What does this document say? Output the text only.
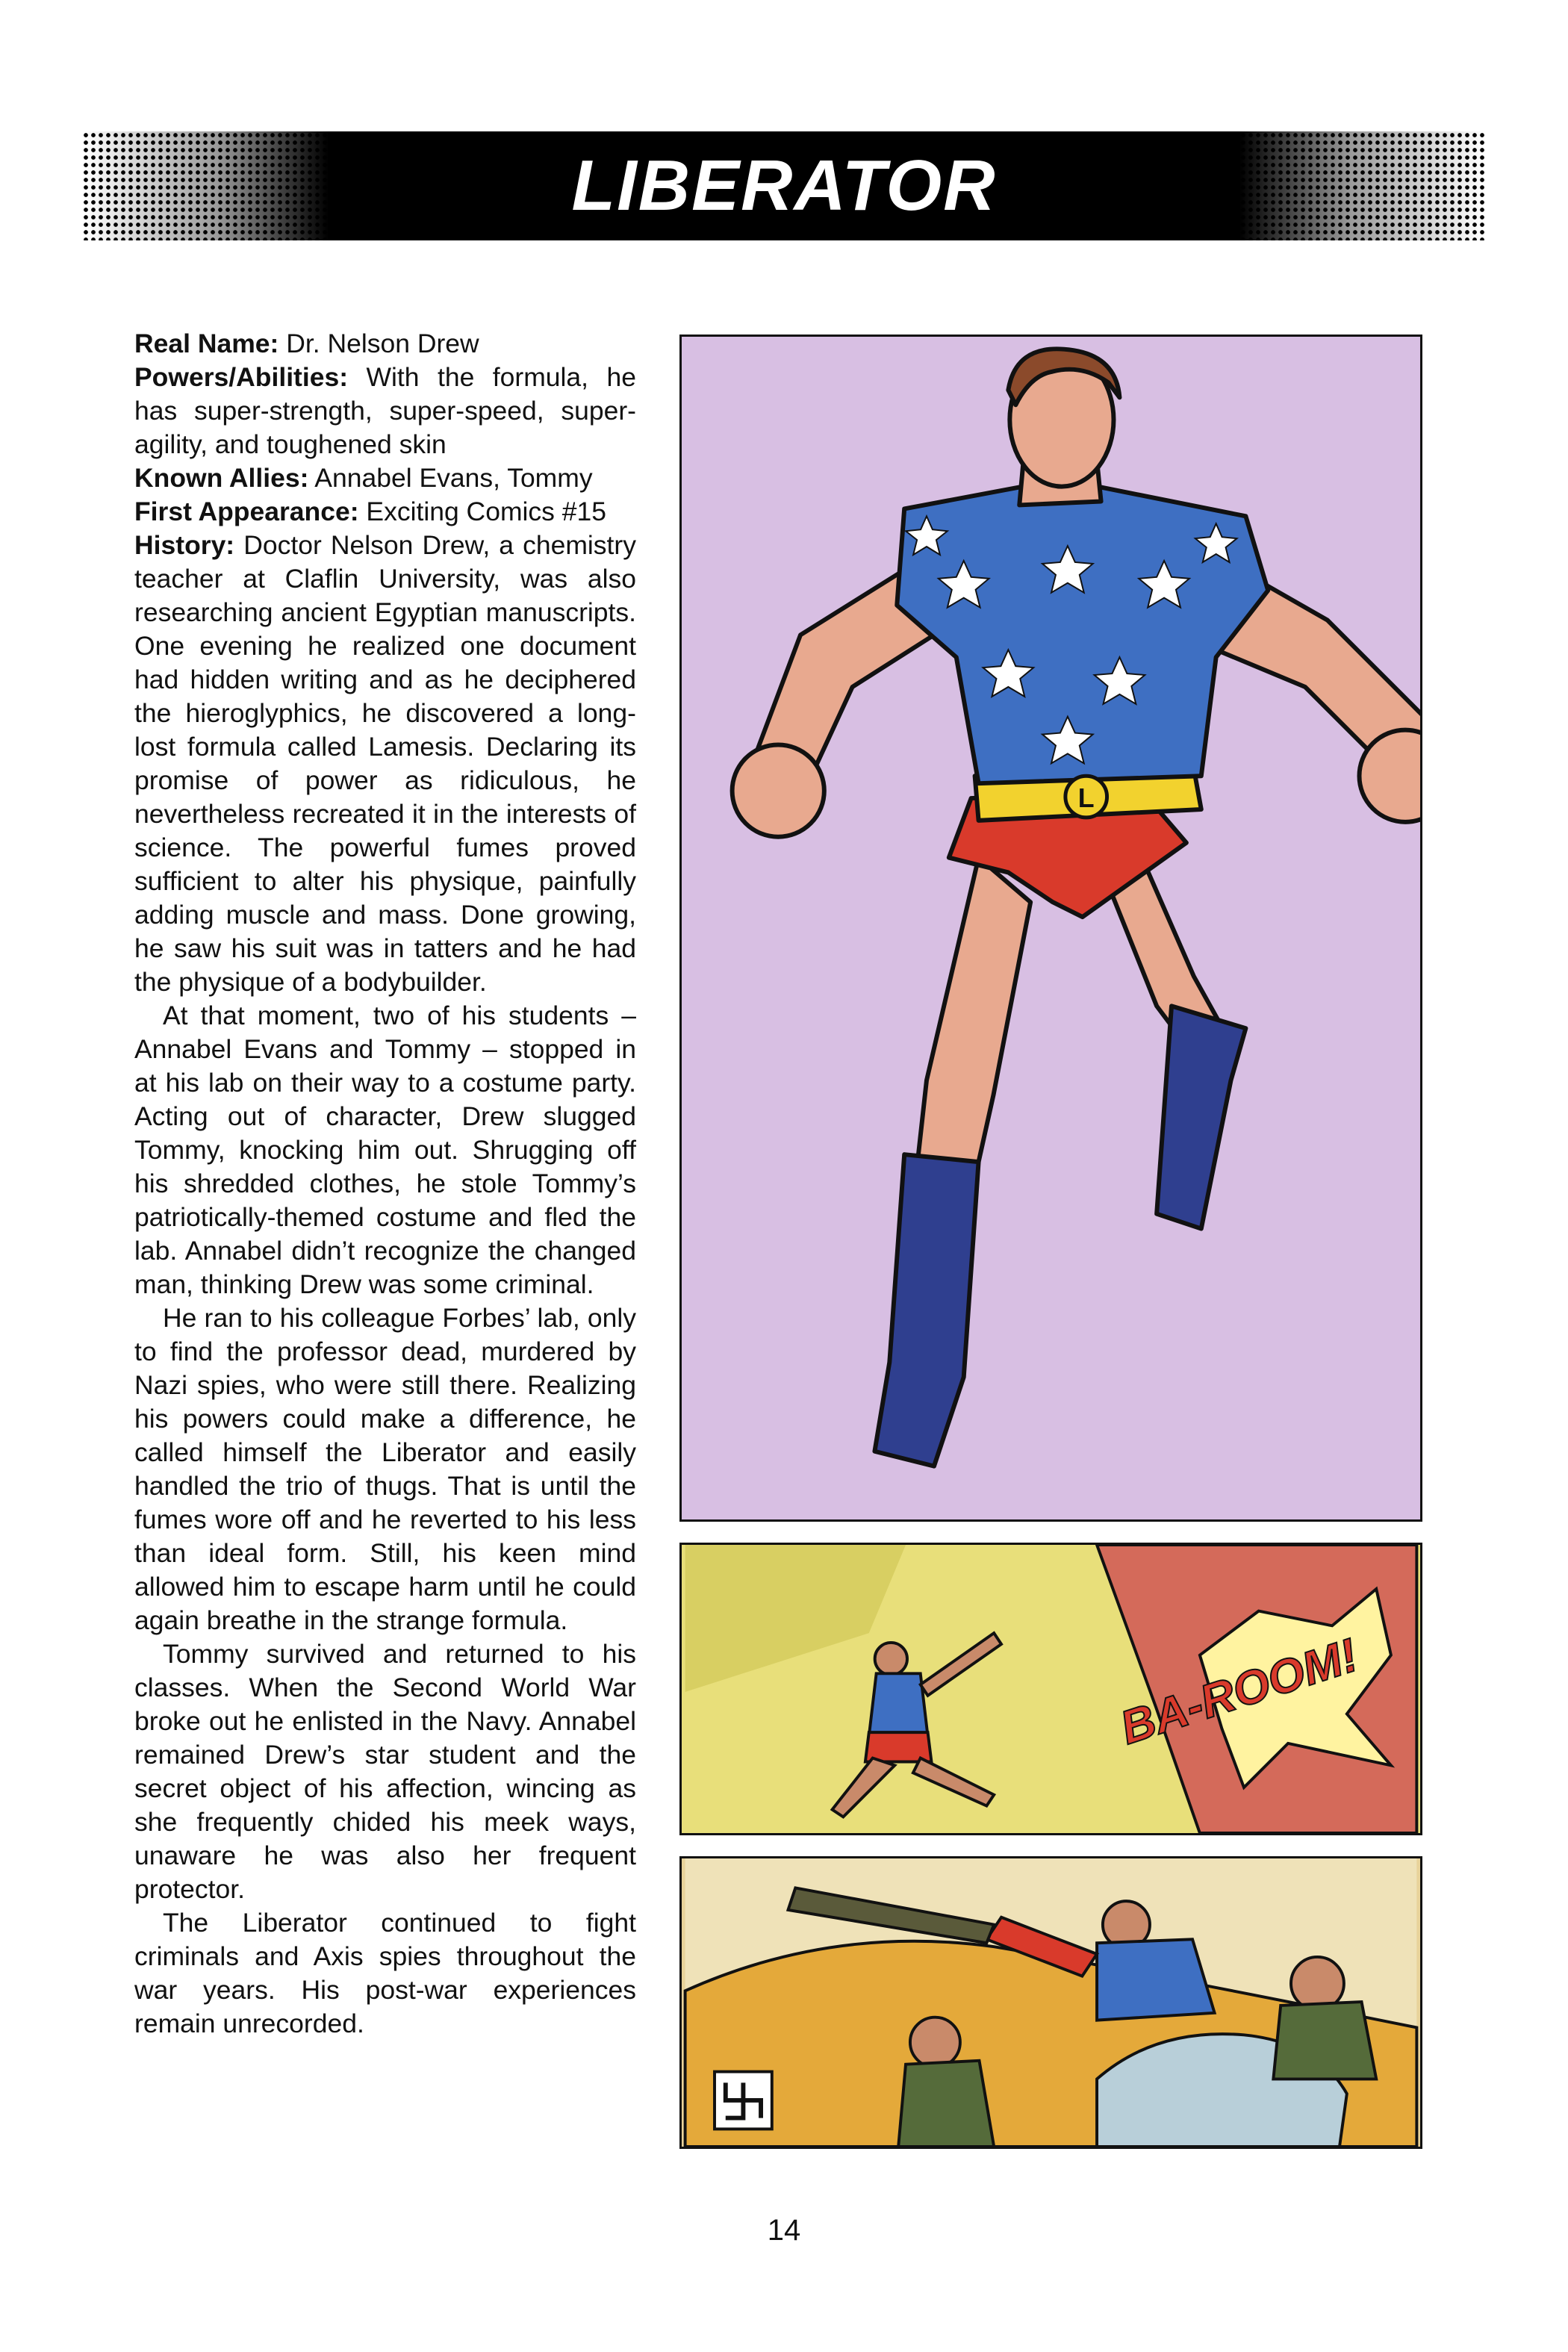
LIBERATOR

Real Name: Dr. Nelson Drew

Powers/Abilities: With the formula, he has super-strength, super-speed, super-agility, and toughened skin

Known Allies: Annabel Evans, Tommy

First Appearance: Exciting Comics #15

History: Doctor Nelson Drew, a chemistry teacher at Claflin University, was also researching ancient Egyptian manuscripts. One evening he realized one document had hidden writing and as he deciphered the hieroglyphics, he discovered a long-lost formula called Lamesis. Declaring its promise of power as ridiculous, he nevertheless recreated it in the interests of science. The powerful fumes proved sufficient to alter his physique, painfully adding muscle and mass. Done growing, he saw his suit was in tatters and he had the physique of a bodybuilder.

At that moment, two of his students – Annabel Evans and Tommy – stopped in at his lab on their way to a costume party. Acting out of character, Drew slugged Tommy, knocking him out. Shrugging off his shredded clothes, he stole Tommy’s patriotically-themed costume and fled the lab. Annabel didn’t recognize the changed man, thinking Drew was some criminal.

He ran to his colleague Forbes’ lab, only to find the professor dead, murdered by Nazi spies, who were still there. Realizing his powers could make a difference, he called himself the Liberator and easily handled the trio of thugs. That is until the fumes wore off and he reverted to his less than ideal form. Still, his keen mind allowed him to escape harm until he could again breathe in the strange formula.

Tommy survived and returned to his classes. When the Second World War broke out he enlisted in the Navy. Annabel remained Drew’s star student and the secret object of his affection, wincing as she frequently chided his meek ways, unaware he was also her frequent protector.

The Liberator continued to fight criminals and Axis spies throughout the war years. His post-war experiences remain unrecorded.

L
BA-ROOM!
14
